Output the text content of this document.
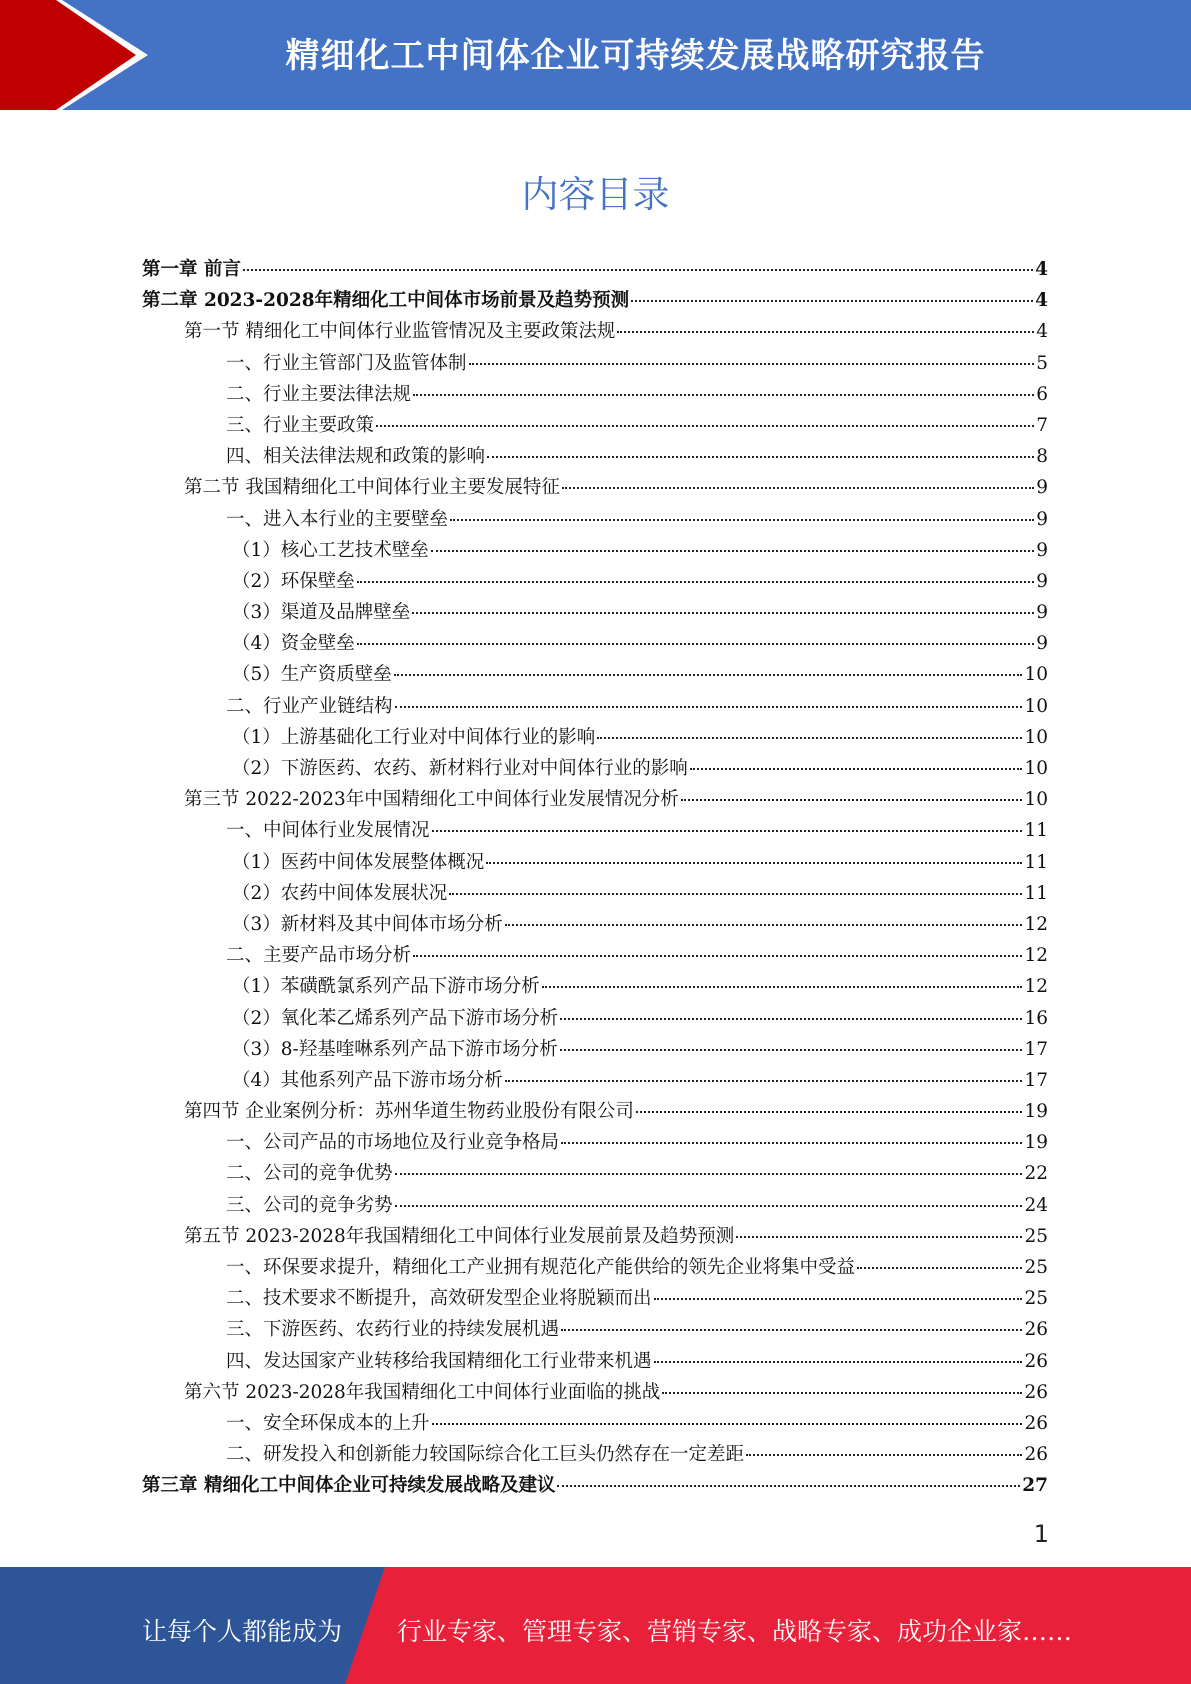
精细化工中间体企业可持续发展战略研究报告
内容目录
第一章 前言	4
第二章 2023-2028年精细化工中间体市场前景及趋势预测	4
第一节 精细化工中间体行业监管情况及主要政策法规	4
一、行业主管部门及监管体制	5
二、行业主要法律法规	6
三、行业主要政策	7
四、相关法律法规和政策的影响	8
第二节 我国精细化工中间体行业主要发展特征	9
一、进入本行业的主要壁垒	9
（1）核心工艺技术壁垒	9
（2）环保壁垒	9
（3）渠道及品牌壁垒	9
（4）资金壁垒	9
（5）生产资质壁垒	10
二、行业产业链结构	10
（1）上游基础化工行业对中间体行业的影响	10
（2）下游医药、农药、新材料行业对中间体行业的影响	10
第三节 2022-2023年中国精细化工中间体行业发展情况分析	10
一、中间体行业发展情况	11
（1）医药中间体发展整体概况	11
（2）农药中间体发展状况	11
（3）新材料及其中间体市场分析	12
二、主要产品市场分析	12
（1）苯磺酰氯系列产品下游市场分析	12
（2）氧化苯乙烯系列产品下游市场分析	16
（3）8-羟基喹啉系列产品下游市场分析	17
（4）其他系列产品下游市场分析	17
第四节 企业案例分析：苏州华道生物药业股份有限公司	19
一、公司产品的市场地位及行业竞争格局	19
二、公司的竞争优势	22
三、公司的竞争劣势	24
第五节 2023-2028年我国精细化工中间体行业发展前景及趋势预测	25
一、环保要求提升，精细化工产业拥有规范化产能供给的领先企业将集中受益	25
二、技术要求不断提升，高效研发型企业将脱颖而出	25
三、下游医药、农药行业的持续发展机遇	26
四、发达国家产业转移给我国精细化工行业带来机遇	26
第六节 2023-2028年我国精细化工中间体行业面临的挑战	26
一、安全环保成本的上升	26
二、研发投入和创新能力较国际综合化工巨头仍然存在一定差距	26
第三章 精细化工中间体企业可持续发展战略及建议	27
1
让每个人都能成为 行业专家、管理专家、营销专家、战略专家、成功企业家……
